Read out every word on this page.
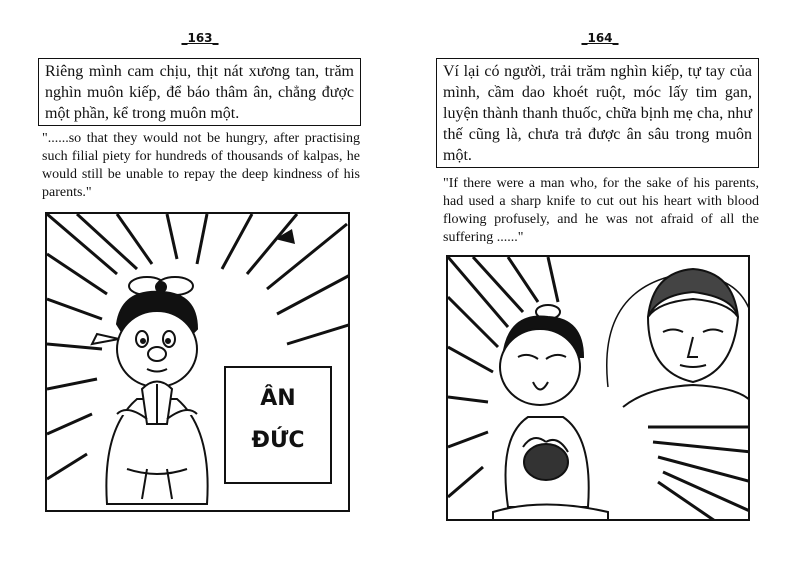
_163_
Riêng mình cam chịu, thịt nát xương tan, trăm nghìn muôn kiếp, để báo thâm ân, chẳng được một phần, kể trong muôn một.
"......so that they would not be hungry, after practising such filial piety for hundreds of thousands of kalpas, he would still be unable to repay the deep kindness of his parents."
ÂN
ĐỨC
_164_
Ví lại có người, trải trăm nghìn kiếp, tự tay của mình, cầm dao khoét ruột, móc lấy tim gan, luyện thành thanh thuốc, chữa bịnh mẹ cha, như thế cũng là, chưa trả được ân sâu trong muôn một.
"If there were a man who, for the sake of his parents, had used a sharp knife to cut out his heart with blood flowing profusely, and he was not afraid of all the suffering ......"
